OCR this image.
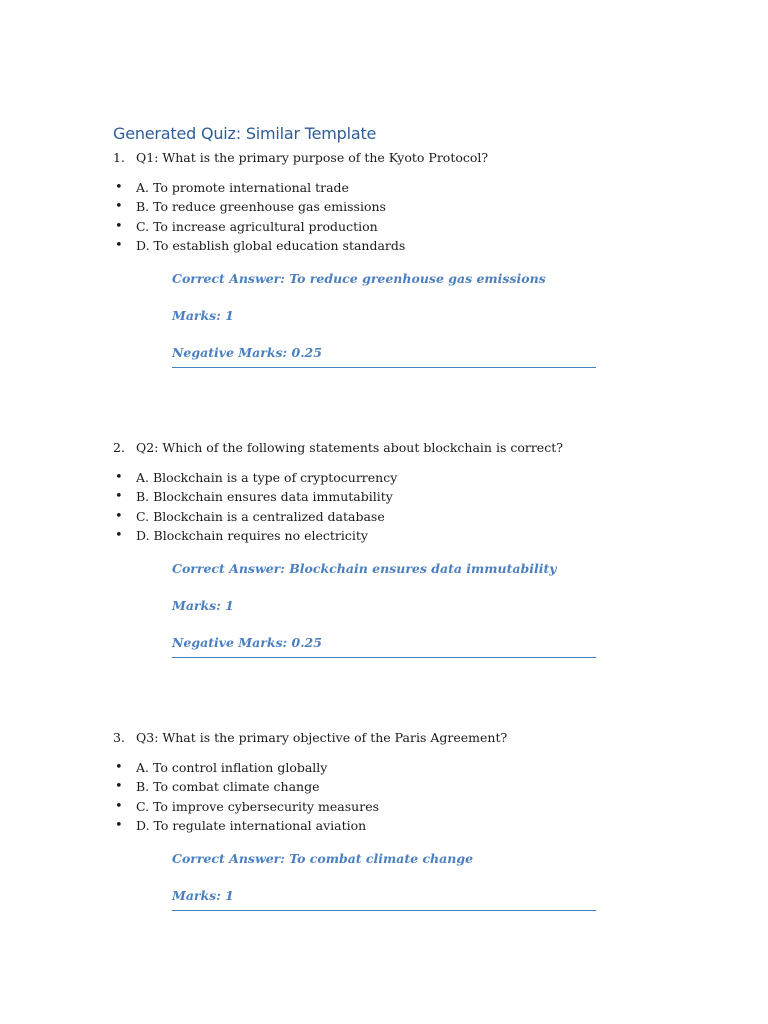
Generated Quiz: Similar Template
1. Q1: What is the primary purpose of the Kyoto Protocol?
• A. To promote international trade
• B. To reduce greenhouse gas emissions
• C. To increase agricultural production
• D. To establish global education standards
Correct Answer: To reduce greenhouse gas emissions
Marks: 1
Negative Marks: 0.25
2. Q2: Which of the following statements about blockchain is correct?
• A. Blockchain is a type of cryptocurrency
• B. Blockchain ensures data immutability
• C. Blockchain is a centralized database
• D. Blockchain requires no electricity
Correct Answer: Blockchain ensures data immutability
Marks: 1
Negative Marks: 0.25
3. Q3: What is the primary objective of the Paris Agreement?
• A. To control inflation globally
• B. To combat climate change
• C. To improve cybersecurity measures
• D. To regulate international aviation
Correct Answer: To combat climate change
Marks: 1
